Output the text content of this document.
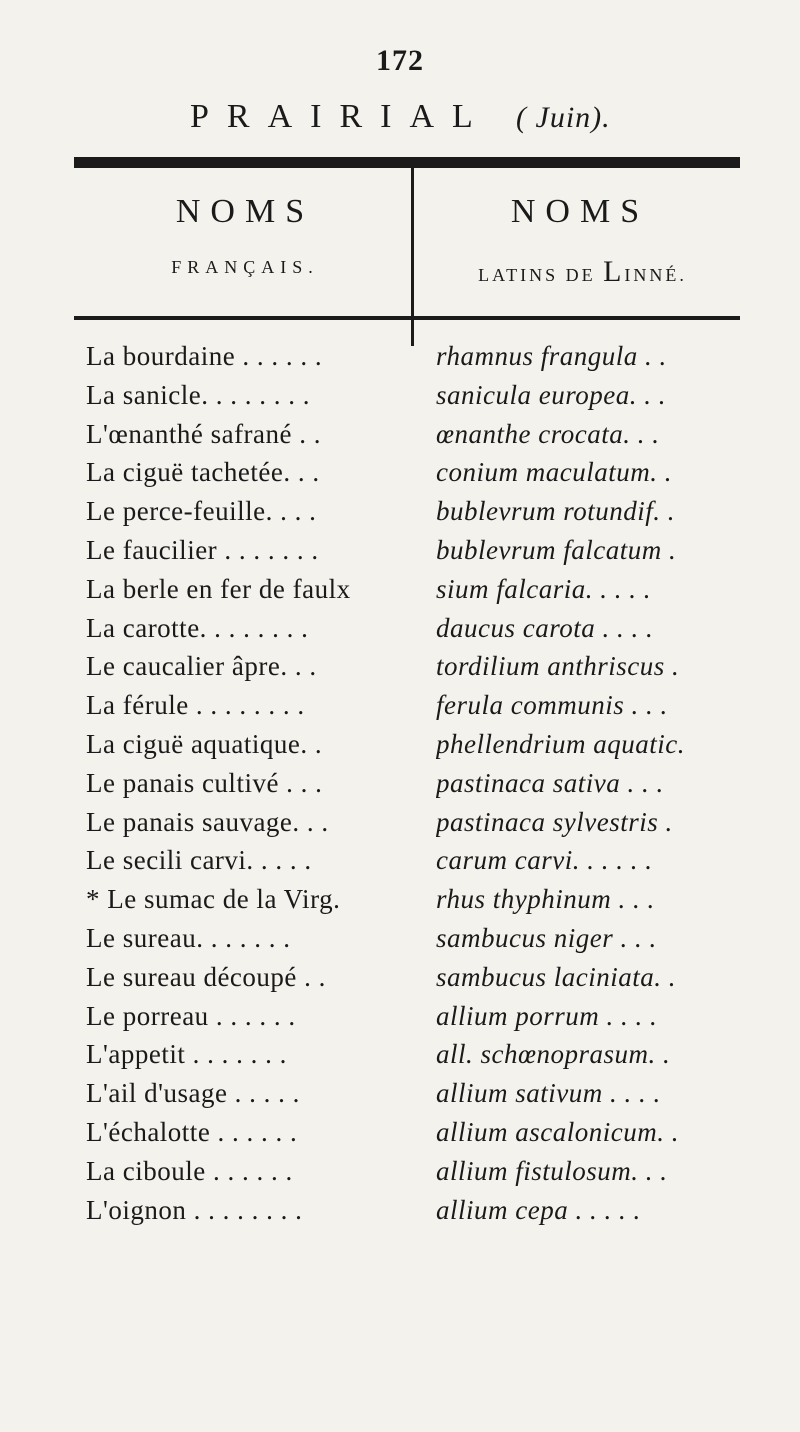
172
PRAIRIAL ( Juin).
NOMS	NOMS
FRANÇAIS.	LATINS DE LINNÉ.
La bourdaine . . . . . .	rhamnus frangula . .
La sanicle. . . . . . . .	sanicula europea. . .
L'œnanthé safrané . .	œnanthe crocata. . .
La ciguë tachetée. . .	conium maculatum. .
Le perce-feuille. . . .	bublevrum rotundif. .
Le faucilier . . . . . . .	bublevrum falcatum .
La berle en fer de faulx	sium falcaria. . . . .
La carotte. . . . . . . .	daucus carota . . . .
Le caucalier âpre. . .	tordilium anthriscus .
La férule . . . . . . . .	ferula communis . . .
La ciguë aquatique. .	phellendrium aquatic.
Le panais cultivé . . .	pastinaca sativa . . .
Le panais sauvage. . .	pastinaca sylvestris .
Le secili carvi. . . . .	carum carvi. . . . . .
* Le sumac de la Virg.	rhus thyphinum . . .
Le sureau. . . . . . .	sambucus niger . . .
Le sureau découpé . .	sambucus laciniata. .
Le porreau . . . . . .	allium porrum . . . .
L'appetit . . . . . . .	all. schœnoprasum. .
L'ail d'usage . . . . .	allium sativum . . . .
L'échalotte . . . . . .	allium ascalonicum. .
La ciboule . . . . . .	allium fistulosum. . .
L'oignon . . . . . . . .	allium cepa . . . . .
